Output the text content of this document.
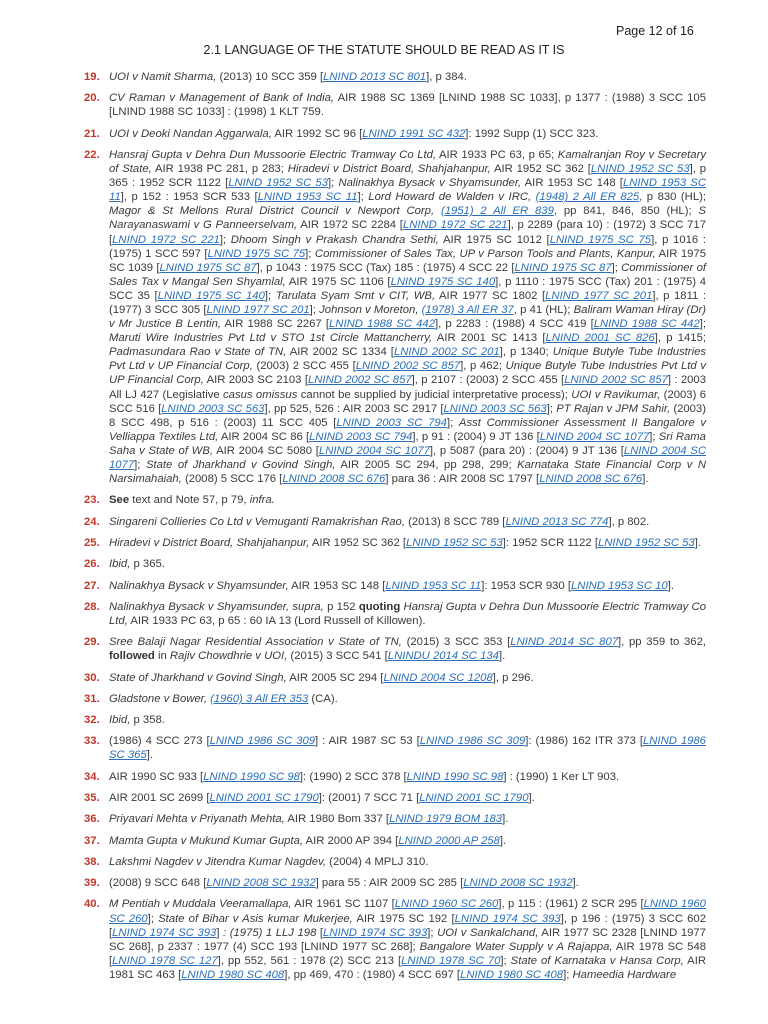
Page 12 of 16
2.1 LANGUAGE OF THE STATUTE SHOULD BE READ AS IT IS
19. UOI v Namit Sharma, (2013) 10 SCC 359 [LNIND 2013 SC 801], p 384.
20. CV Raman v Management of Bank of India, AIR 1988 SC 1369 [LNIND 1988 SC 1033], p 1377 : (1988) 3 SCC 105 [LNIND 1988 SC 1033] : (1998) 1 KLT 759.
21. UOI v Deoki Nandan Aggarwala, AIR 1992 SC 96 [LNIND 1991 SC 432]: 1992 Supp (1) SCC 323.
22. Hansraj Gupta v Dehra Dun Mussoorie Electric Tramway Co Ltd, AIR 1933 PC 63, p 65; Kamalranjan Roy v Secretary of State, AIR 1938 PC 281, p 283; Hiradevi v District Board, Shahjahanpur, AIR 1952 SC 362 [LNIND 1952 SC 53], p 365 : 1952 SCR 1122 [LNIND 1952 SC 53]; Nalinakhya Bysack v Shyamsunder, AIR 1953 SC 148 [LNIND 1953 SC 11], p 152 : 1953 SCR 533 [LNIND 1953 SC 11]; Lord Howard de Walden v IRC, (1948) 2 All ER 825, p 830 (HL); Magor & St Mellons Rural District Council v Newport Corp, (1951) 2 All ER 839, pp 841, 846, 850 (HL); S Narayanaswami v G Panneerselvam, AIR 1972 SC 2284 [LNIND 1972 SC 221], p 2289 (para 10) : (1972) 3 SCC 717 [LNIND 1972 SC 221]; Dhoom Singh v Prakash Chandra Sethi, AIR 1975 SC 1012 [LNIND 1975 SC 75], p 1016 : (1975) 1 SCC 597 [LNIND 1975 SC 75]; Commissioner of Sales Tax, UP v Parson Tools and Plants, Kanpur, AIR 1975 SC 1039 [LNIND 1975 SC 87], p 1043 : 1975 SCC (Tax) 185 : (1975) 4 SCC 22 [LNIND 1975 SC 87]; Commissioner of Sales Tax v Mangal Sen Shyamlal, AIR 1975 SC 1106 [LNIND 1975 SC 140], p 1110 : 1975 SCC (Tax) 201 : (1975) 4 SCC 35 [LNIND 1975 SC 140]; Tarulata Syam Smt v CIT, WB, AIR 1977 SC 1802 [LNIND 1977 SC 201], p 1811 : (1977) 3 SCC 305 [LNIND 1977 SC 201]; Johnson v Moreton, (1978) 3 All ER 37, p 41 (HL); Baliram Waman Hiray (Dr) v Mr Justice B Lentin, AIR 1988 SC 2267 [LNIND 1988 SC 442], p 2283 : (1988) 4 SCC 419 [LNIND 1988 SC 442]; Maruti Wire Industries Pvt Ltd v STO 1st Circle Mattancherry, AIR 2001 SC 1413 [LNIND 2001 SC 826], p 1415; Padmasundara Rao v State of TN, AIR 2002 SC 1334 [LNIND 2002 SC 201], p 1340; Unique Butyle Tube Industries Pvt Ltd v UP Financial Corp, (2003) 2 SCC 455 [LNIND 2002 SC 857], p 462; Unique Butyle Tube Industries Pvt Ltd v UP Financial Corp, AIR 2003 SC 2103 [LNIND 2002 SC 857], p 2107 : (2003) 2 SCC 455 [LNIND 2002 SC 857] : 2003 All LJ 427 (Legislative casus omissus cannot be supplied by judicial interpretative process); UOI v Ravikumar, (2003) 6 SCC 516 [LNIND 2003 SC 563], pp 525, 526 : AIR 2003 SC 2917 [LNIND 2003 SC 563]; PT Rajan v JPM Sahir, (2003) 8 SCC 498, p 516 : (2003) 11 SCC 405 [LNIND 2003 SC 794]; Asst Commissioner Assessment II Bangalore v Velliappa Textiles Ltd, AIR 2004 SC 86 [LNIND 2003 SC 794], p 91 : (2004) 9 JT 136 [LNIND 2004 SC 1077]; Sri Rama Saha v State of WB, AIR 2004 SC 5080 [LNIND 2004 SC 1077], p 5087 (para 20) : (2004) 9 JT 136 [LNIND 2004 SC 1077]; State of Jharkhand v Govind Singh, AIR 2005 SC 294, pp 298, 299; Karnataka State Financial Corp v N Narsimahaiah, (2008) 5 SCC 176 [LNIND 2008 SC 676] para 36 : AIR 2008 SC 1797 [LNIND 2008 SC 676].
23. See text and Note 57, p 79, infra.
24. Singareni Collieries Co Ltd v Vemuganti Ramakrishan Rao, (2013) 8 SCC 789 [LNIND 2013 SC 774], p 802.
25. Hiradevi v District Board, Shahjahanpur, AIR 1952 SC 362 [LNIND 1952 SC 53]: 1952 SCR 1122 [LNIND 1952 SC 53].
26. Ibid, p 365.
27. Nalinakhya Bysack v Shyamsunder, AIR 1953 SC 148 [LNIND 1953 SC 11]: 1953 SCR 930 [LNIND 1953 SC 10].
28. Nalinakhya Bysack v Shyamsunder, supra, p 152 quoting Hansraj Gupta v Dehra Dun Mussoorie Electric Tramway Co Ltd, AIR 1933 PC 63, p 65 : 60 IA 13 (Lord Russell of Killowen).
29. Sree Balaji Nagar Residential Association v State of TN, (2015) 3 SCC 353 [LNIND 2014 SC 807], pp 359 to 362, followed in Rajiv Chowdhrie v UOI, (2015) 3 SCC 541 [LNINDU 2014 SC 134].
30. State of Jharkhand v Govind Singh, AIR 2005 SC 294 [LNIND 2004 SC 1208], p 296.
31. Gladstone v Bower, (1960) 3 All ER 353 (CA).
32. Ibid, p 358.
33. (1986) 4 SCC 273 [LNIND 1986 SC 309] : AIR 1987 SC 53 [LNIND 1986 SC 309]: (1986) 162 ITR 373 [LNIND 1986 SC 365].
34. AIR 1990 SC 933 [LNIND 1990 SC 98]: (1990) 2 SCC 378 [LNIND 1990 SC 98] : (1990) 1 Ker LT 903.
35. AIR 2001 SC 2699 [LNIND 2001 SC 1790]: (2001) 7 SCC 71 [LNIND 2001 SC 1790].
36. Priyavari Mehta v Priyanath Mehta, AIR 1980 Bom 337 [LNIND 1979 BOM 183].
37. Mamta Gupta v Mukund Kumar Gupta, AIR 2000 AP 394 [LNIND 2000 AP 258].
38. Lakshmi Nagdev v Jitendra Kumar Nagdev, (2004) 4 MPLJ 310.
39. (2008) 9 SCC 648 [LNIND 2008 SC 1932] para 55 : AIR 2009 SC 285 [LNIND 2008 SC 1932].
40. M Pentiah v Muddala Veeramallapa, AIR 1961 SC 1107 [LNIND 1960 SC 260], p 115 : (1961) 2 SCR 295 [LNIND 1960 SC 260]; State of Bihar v Asis kumar Mukerjee, AIR 1975 SC 192 [LNIND 1974 SC 393], p 196 : (1975) 3 SCC 602 [LNIND 1974 SC 393] : (1975) 1 LLJ 198 [LNIND 1974 SC 393]; UOI v Sankalchand, AIR 1977 SC 2328 [LNIND 1977 SC 268], p 2337 : 1977 (4) SCC 193 [LNIND 1977 SC 268]; Bangalore Water Supply v A Rajappa, AIR 1978 SC 548 [LNIND 1978 SC 127], pp 552, 561 : 1978 (2) SCC 213 [LNIND 1978 SC 70]; State of Karnataka v Hansa Corp, AIR 1981 SC 463 [LNIND 1980 SC 408], pp 469, 470 : (1980) 4 SCC 697 [LNIND 1980 SC 408]; Hameedia Hardware
